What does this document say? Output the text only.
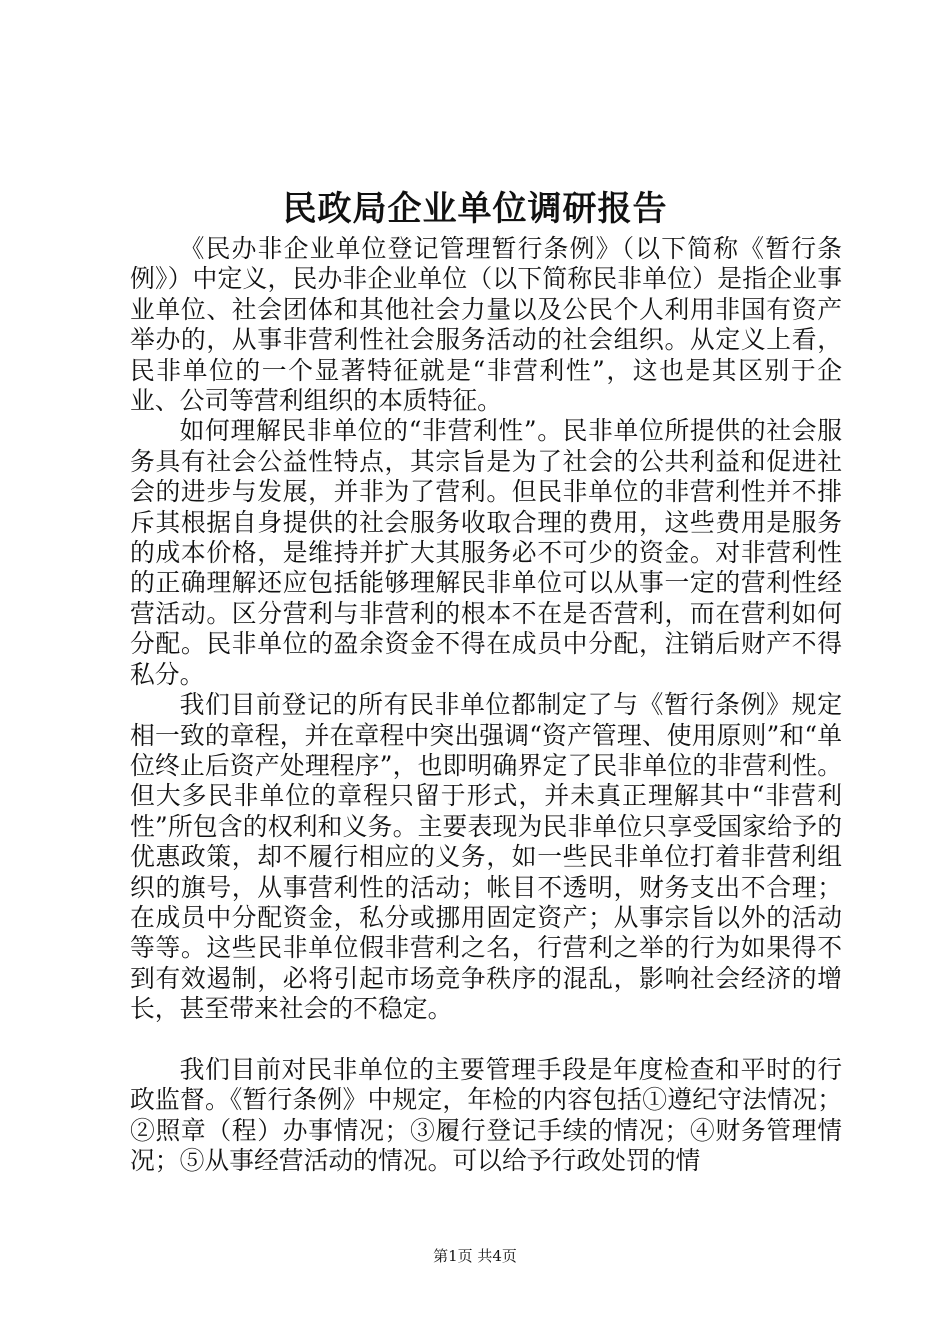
民政局企业单位调研报告

《民办非企业单位登记管理暂行条例》（以下简称《暂行条例》）中定义，民办非企业单位（以下简称民非单位）是指企业事业单位、社会团体和其他社会力量以及公民个人利用非国有资产举办的，从事非营利性社会服务活动的社会组织。从定义上看，民非单位的一个显著特征就是“非营利性”，这也是其区别于企业、公司等营利组织的本质特征。

如何理解民非单位的“非营利性”。民非单位所提供的社会服务具有社会公益性特点，其宗旨是为了社会的公共利益和促进社会的进步与发展，并非为了营利。但民非单位的非营利性并不排斥其根据自身提供的社会服务收取合理的费用，这些费用是服务的成本价格，是维持并扩大其服务必不可少的资金。对非营利性的正确理解还应包括能够理解民非单位可以从事一定的营利性经营活动。区分营利与非营利的根本不在是否营利，而在营利如何分配。民非单位的盈余资金不得在成员中分配，注销后财产不得私分。

我们目前登记的所有民非单位都制定了与《暂行条例》规定相一致的章程，并在章程中突出强调“资产管理、使用原则”和“单位终止后资产处理程序”，也即明确界定了民非单位的非营利性。但大多民非单位的章程只留于形式，并未真正理解其中“非营利性”所包含的权利和义务。主要表现为民非单位只享受国家给予的优惠政策，却不履行相应的义务，如一些民非单位打着非营利组织的旗号，从事营利性的活动；帐目不透明，财务支出不合理；在成员中分配资金，私分或挪用固定资产；从事宗旨以外的活动等等。这些民非单位假非营利之名，行营利之举的行为如果得不到有效遏制，必将引起市场竞争秩序的混乱，影响社会经济的增长，甚至带来社会的不稳定。

我们目前对民非单位的主要管理手段是年度检查和平时的行政监督。《暂行条例》中规定，年检的内容包括①遵纪守法情况；②照章（程）办事情况；③履行登记手续的情况；④财务管理情况；⑤从事经营活动的情况。可以给予行政处罚的情

第1页 共4页
